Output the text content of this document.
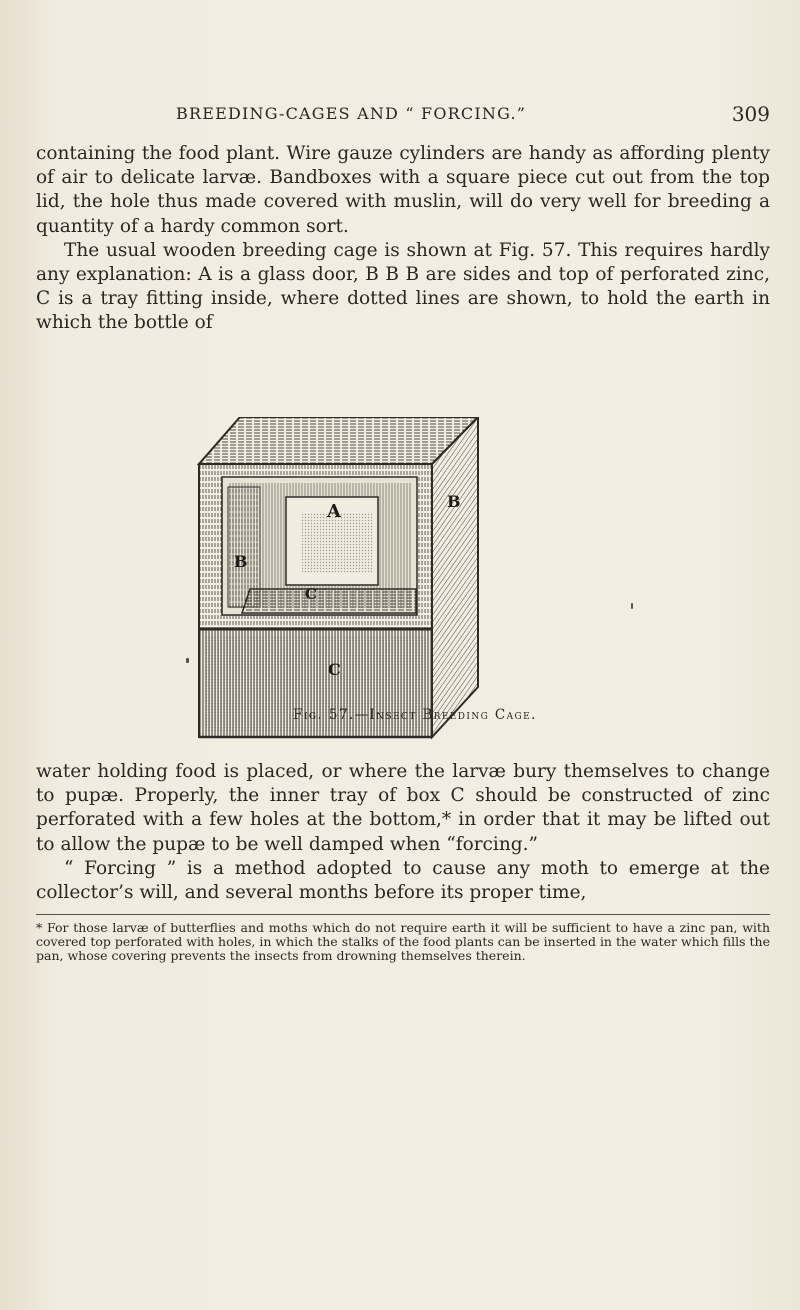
BREEDING-CAGES AND “ FORCING.”	309

containing the food plant. Wire gauze cylinders are handy as affording plenty of air to delicate larvæ. Bandboxes with a square piece cut out from the top lid, the hole thus made covered with muslin, will do very well for breeding a quantity of a hardy common sort.

The usual wooden breeding cage is shown at Fig. 57. This requires hardly any explanation: A is a glass door, B B B are sides and top of perforated zinc, C is a tray fitting inside, where dotted lines are shown, to hold the earth in which the bottle of

A
B
B
C
C
Fig. 57.—Insect Breeding Cage.

water holding food is placed, or where the larvæ bury themselves to change to pupæ. Properly, the inner tray of box C should be constructed of zinc perforated with a few holes at the bottom,* in order that it may be lifted out to allow the pupæ to be well damped when “forcing.”

“ Forcing ” is a method adopted to cause any moth to emerge at the collector’s will, and several months before its proper time,

* For those larvæ of butterflies and moths which do not require earth it will be sufficient to have a zinc pan, with covered top perforated with holes, in which the stalks of the food plants can be inserted in the water which fills the pan, whose covering prevents the insects from drowning themselves therein.
